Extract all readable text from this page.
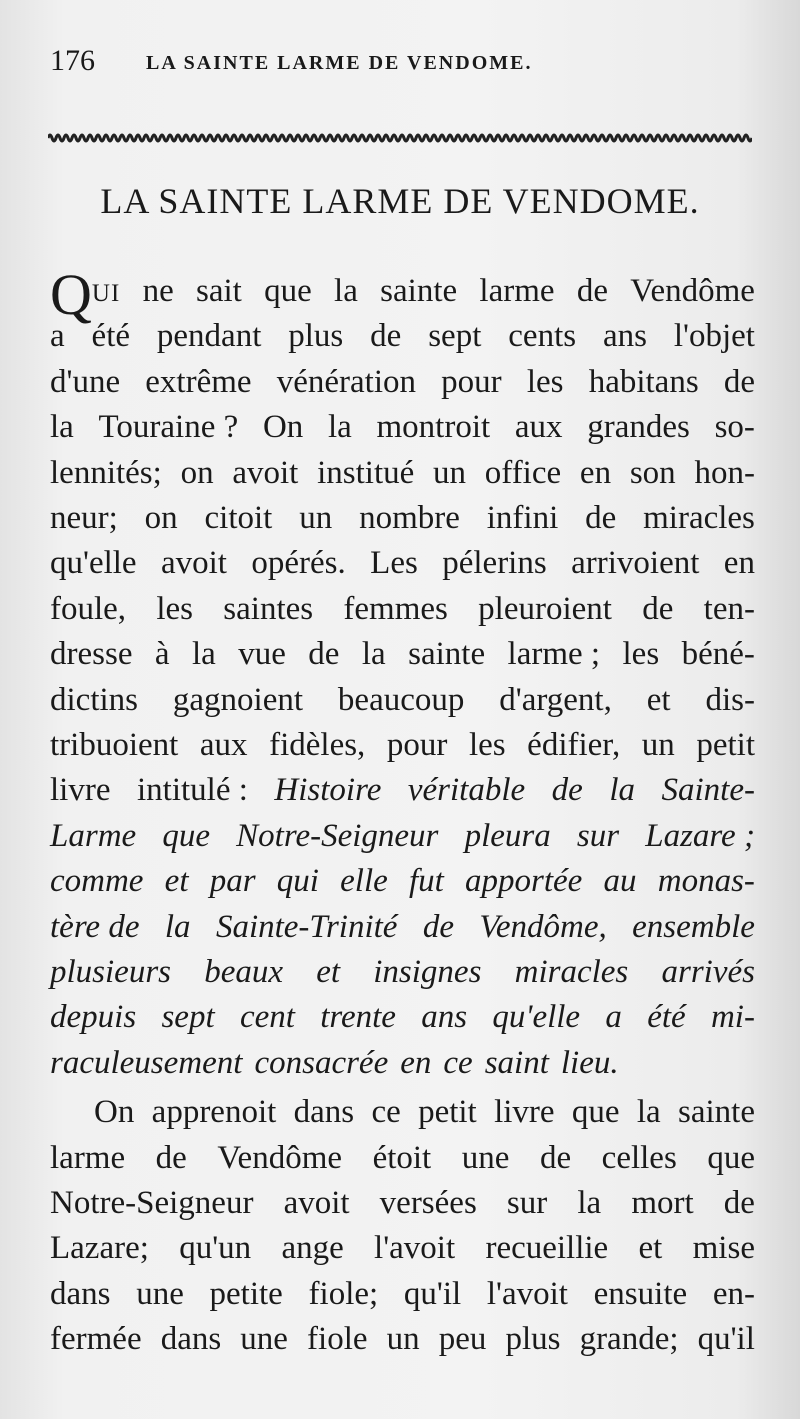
176	LA SAINTE LARME DE VENDOME.
LA SAINTE LARME DE VENDOME.
QUI ne sait que la sainte larme de Vendôme
a été pendant plus de sept cents ans l'objet
d'une extrême vénération pour les habitans de
la Touraine ? On la montroit aux grandes so-
lennités; on avoit institué un office en son hon-
neur; on citoit un nombre infini de miracles
qu'elle avoit opérés. Les pélerins arrivoient en
foule, les saintes femmes pleuroient de ten-
dresse à la vue de la sainte larme ; les béné-
dictins gagnoient beaucoup d'argent, et dis-
tribuoient aux fidèles, pour les édifier, un petit
livre intitulé : Histoire véritable de la Sainte-
Larme que Notre-Seigneur pleura sur Lazare ;
comme et par qui elle fut apportée au monas-
tère de la Sainte-Trinité de Vendôme, ensemble
plusieurs beaux et insignes miracles arrivés
depuis sept cent trente ans qu'elle a été mi-
raculeusement consacrée en ce saint lieu.
On apprenoit dans ce petit livre que la sainte
larme de Vendôme étoit une de celles que
Notre-Seigneur avoit versées sur la mort de
Lazare; qu'un ange l'avoit recueillie et mise
dans une petite fiole; qu'il l'avoit ensuite en-
fermée dans une fiole un peu plus grande; qu'il
